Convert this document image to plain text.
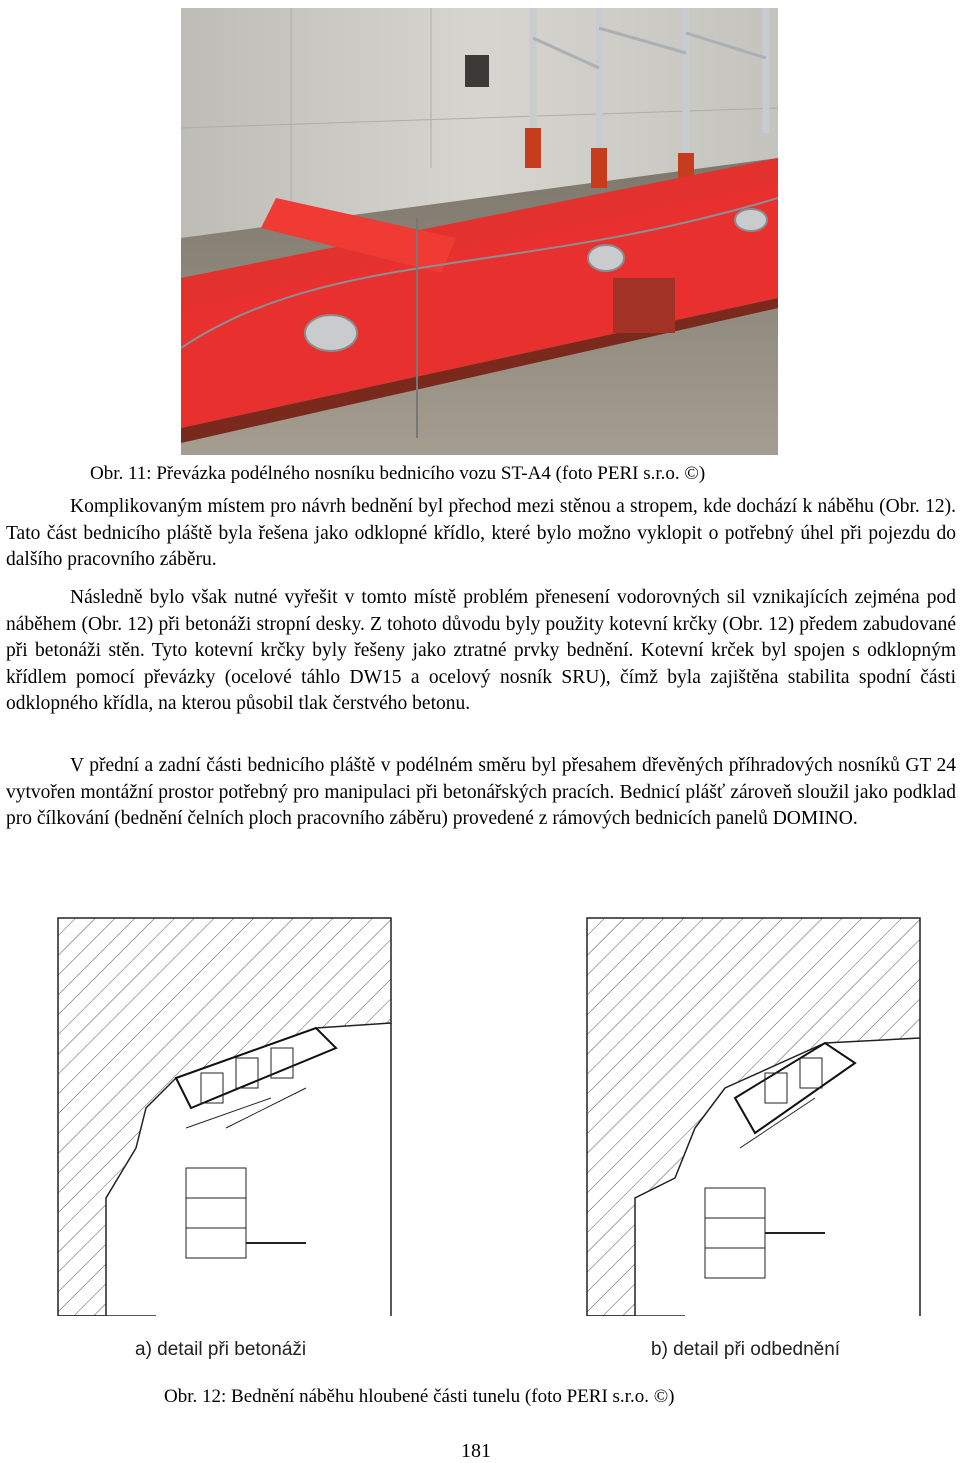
Obr. 11: Převázka podélného nosníku bednicího vozu ST-A4 (foto PERI s.r.o. ©)

Komplikovaným místem pro návrh bednění byl přechod mezi stěnou a stropem, kde dochází k náběhu (Obr. 12). Tato část bednicího pláště byla řešena jako odklopné křídlo, které bylo možno vyklopit o potřebný úhel při pojezdu do dalšího pracovního záběru.

Následně bylo však nutné vyřešit v tomto místě problém přenesení vodorovných sil vznikajících zejména pod náběhem (Obr. 12) při betonáži stropní desky. Z tohoto důvodu byly použity kotevní krčky (Obr. 12) předem zabudované při betonáži stěn. Tyto kotevní krčky byly řešeny jako ztratné prvky bednění. Kotevní krček byl spojen s odklopným křídlem pomocí převázky (ocelové táhlo DW15 a ocelový nosník SRU), čímž byla zajištěna stabilita spodní části odklopného křídla, na kterou působil tlak čerstvého betonu.

V přední a zadní části bednicího pláště v podélném směru byl přesahem dřevěných příhradových nosníků GT 24 vytvořen montážní prostor potřebný pro manipulaci při betonářských pracích. Bednicí plášť zároveň sloužil jako podklad pro čílkování (bednění čelních ploch pracovního záběru) provedené z rámových bednicích panelů DOMINO.

a) detail při betonáži	b) detail při odbednění
Obr. 12: Bednění náběhu hloubené části tunelu (foto PERI s.r.o. ©)
181
